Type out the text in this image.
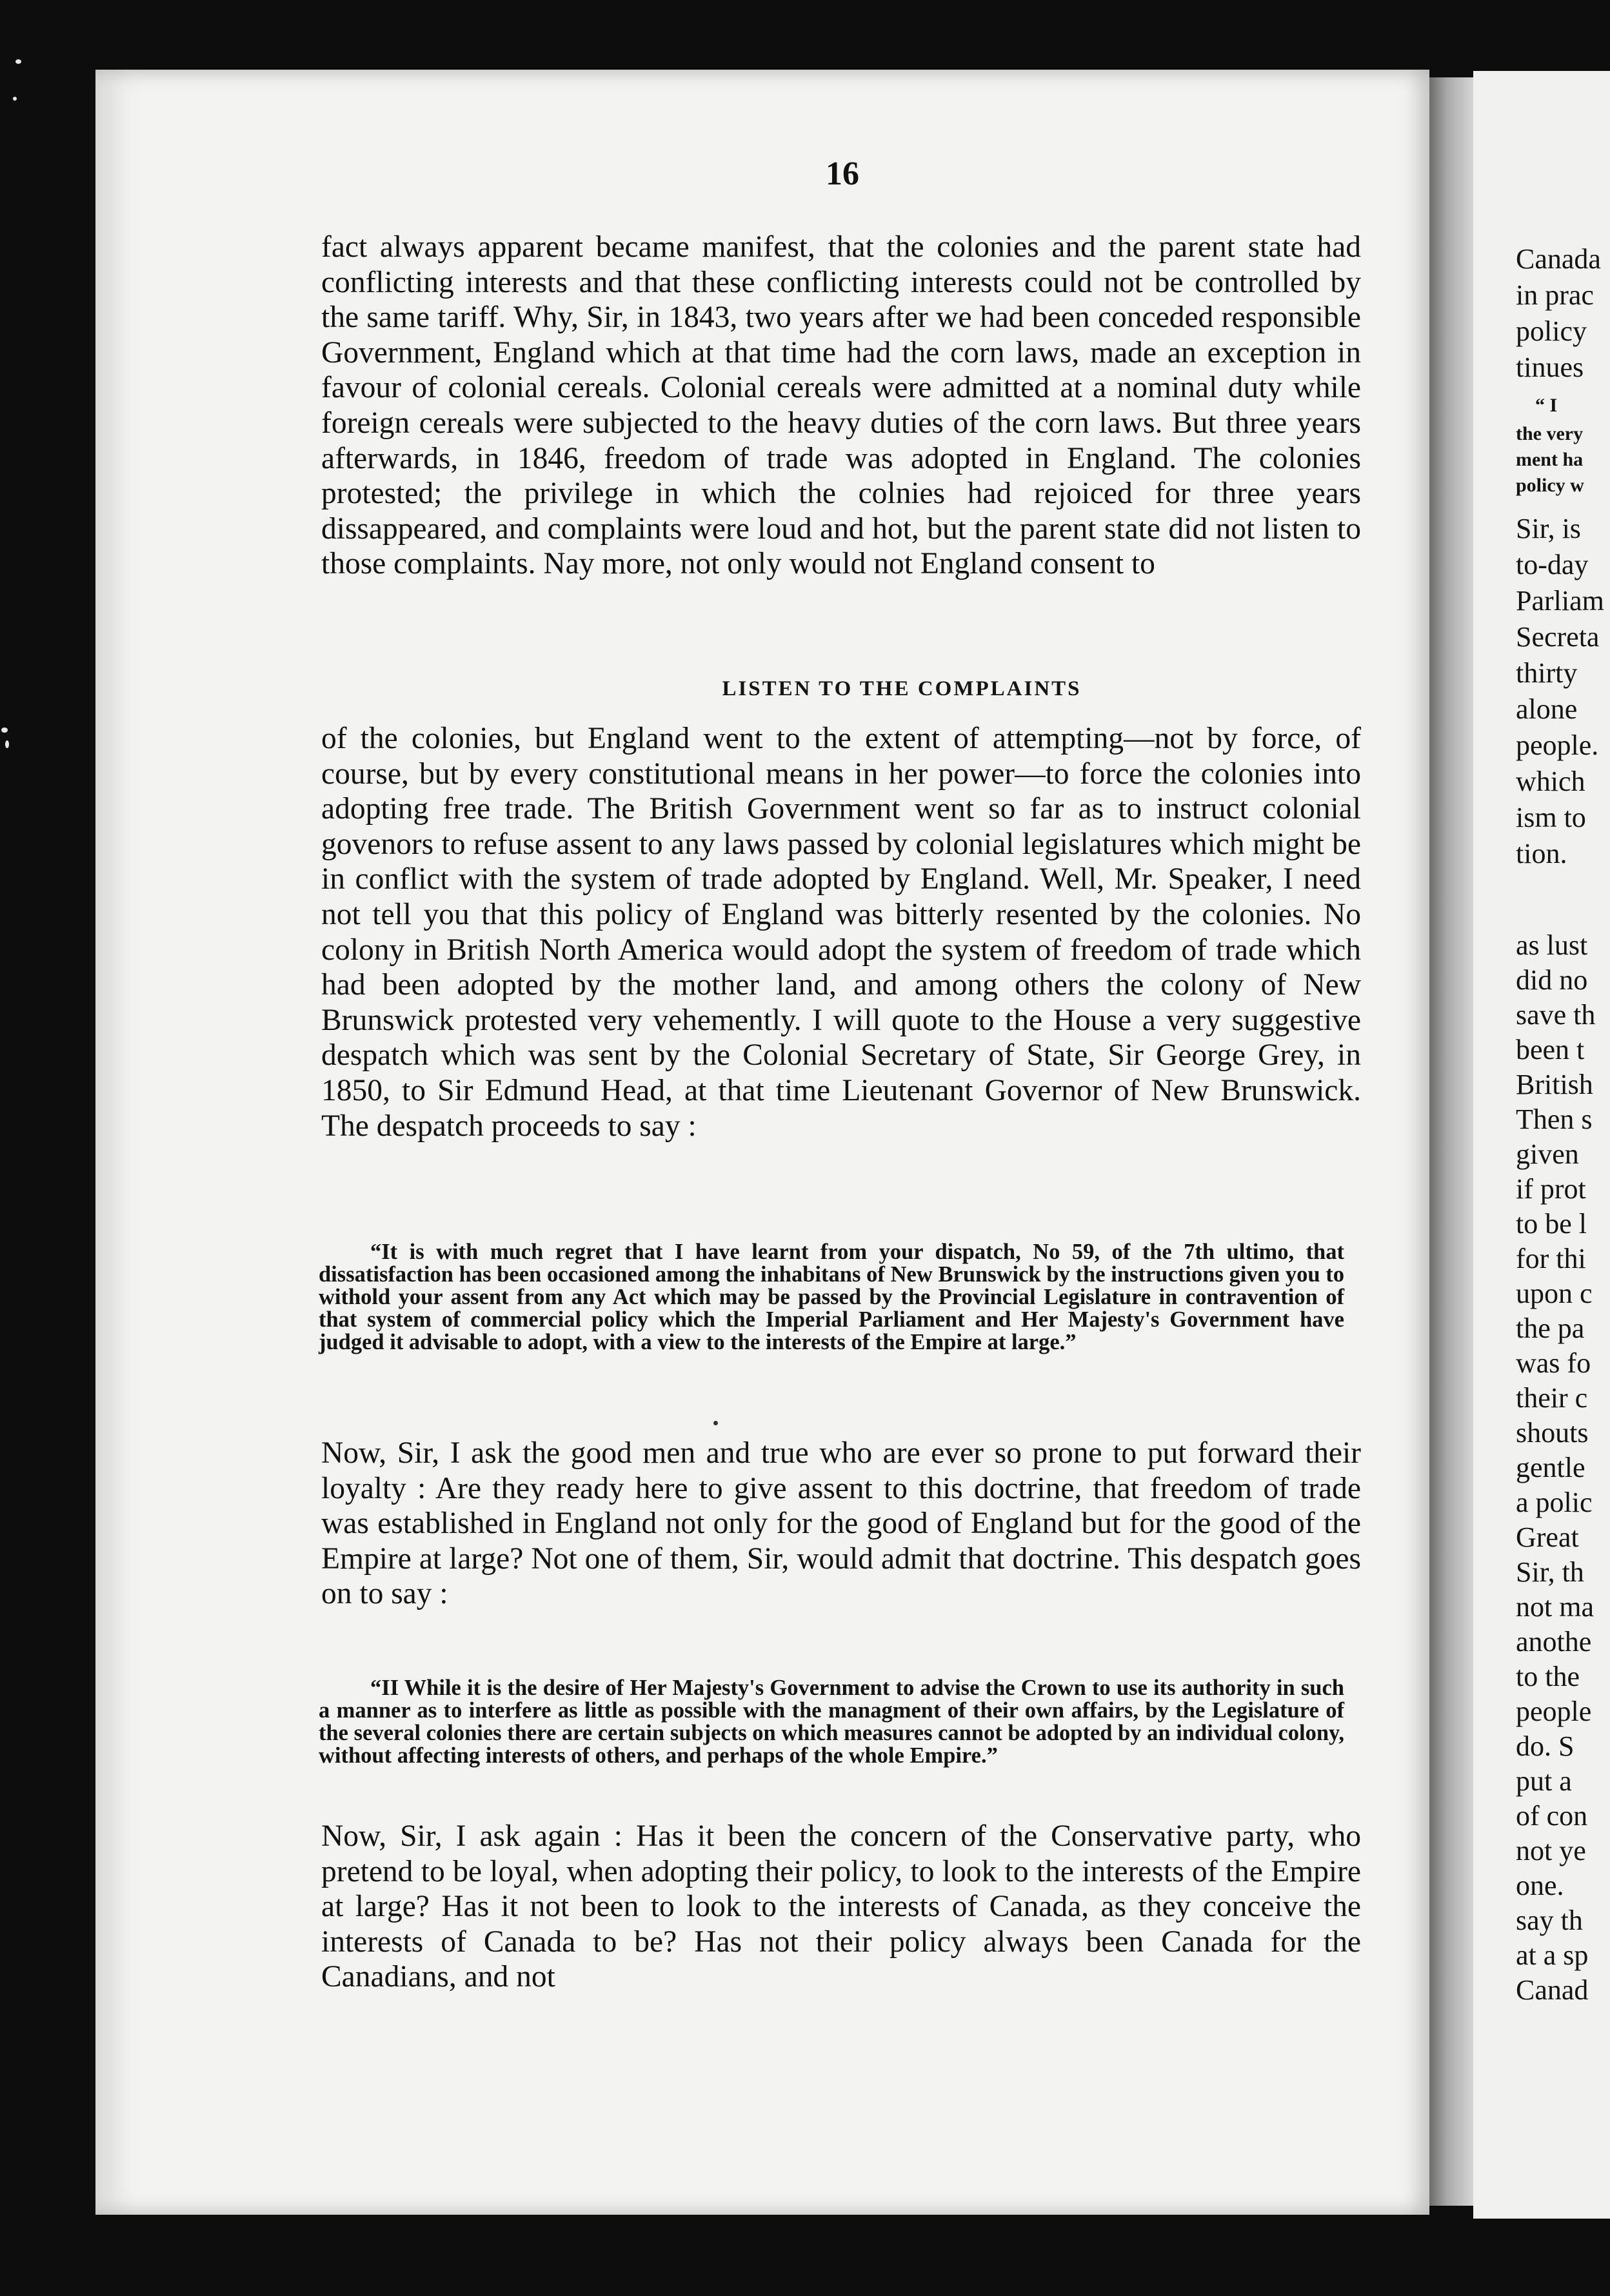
16

fact always apparent became manifest, that the colonies and the parent state had conflicting interests and that these conflicting interests could not be controlled by the same tariff. Why, Sir, in 1843, two years after we had been conceded responsible Government, England which at that time had the corn laws, made an exception in favour of colonial cereals. Colonial cereals were admitted at a nominal duty while foreign cereals were subjected to the heavy duties of the corn laws. But three years afterwards, in 1846, freedom of trade was adopted in England. The colonies protested; the privilege in which the colnies had rejoiced for three years dissappeared, and complaints were loud and hot, but the parent state did not listen to those complaints. Nay more, not only would not England consent to

LISTEN TO THE COMPLAINTS

of the colonies, but England went to the extent of attempting—not by force, of course, but by every constitutional means in her power—to force the colonies into adopting free trade. The British Government went so far as to instruct colonial govenors to refuse assent to any laws passed by colonial legislatures which might be in conflict with the system of trade adopted by England. Well, Mr. Speaker, I need not tell you that this policy of England was bitterly resented by the colonies. No colony in British North America would adopt the system of freedom of trade which had been adopted by the mother land, and among others the colony of New Brunswick protested very vehemently. I will quote to the House a very suggestive despatch which was sent by the Colonial Secretary of State, Sir George Grey, in 1850, to Sir Edmund Head, at that time Lieutenant Governor of New Brunswick. The despatch proceeds to say :

“It is with much regret that I have learnt from your dispatch, No 59, of the 7th ultimo, that dissatisfaction has been occasioned among the inhabitans of New Brunswick by the instructions given you to withold your assent from any Act which may be passed by the Provincial Legislature in contravention of that system of commercial policy which the Imperial Parliament and Her Majesty's Government have judged it advisable to adopt, with a view to the interests of the Empire at large.”

Now, Sir, I ask the good men and true who are ever so prone to put forward their loyalty : Are they ready here to give assent to this doctrine, that freedom of trade was established in England not only for the good of England but for the good of the Empire at large? Not one of them, Sir, would admit that doctrine. This despatch goes on to say :

“II While it is the desire of Her Majesty's Government to advise the Crown to use its authority in such a manner as to interfere as little as possible with the managment of their own affairs, by the Legislature of the several colonies there are certain subjects on which measures cannot be adopted by an individual colony, without affecting interests of others, and perhaps of the whole Empire.”

Now, Sir, I ask again : Has it been the concern of the Conservative party, who pretend to be loyal, when adopting their policy, to look to the interests of the Empire at large? Has it not been to look to the interests of Canada, as they conceive the interests of Canada to be? Has not their policy always been Canada for the Canadians, and not

Canada
in prac
policy
tinues
“ I
the very
ment ha
policy w
Sir, is
to-day
Parliam
Secreta
thirty
alone
people.
which
ism to
tion.
as lust
did no
save th
been t
British
Then s
given
if prot
to be l
for thi
upon c
the pa
was fo
their c
shouts
gentle
a polic
Great
Sir, th
not ma
anothe
to the
people
do. S
put a
of con
not ye
one.
say th
at a sp
Canad
